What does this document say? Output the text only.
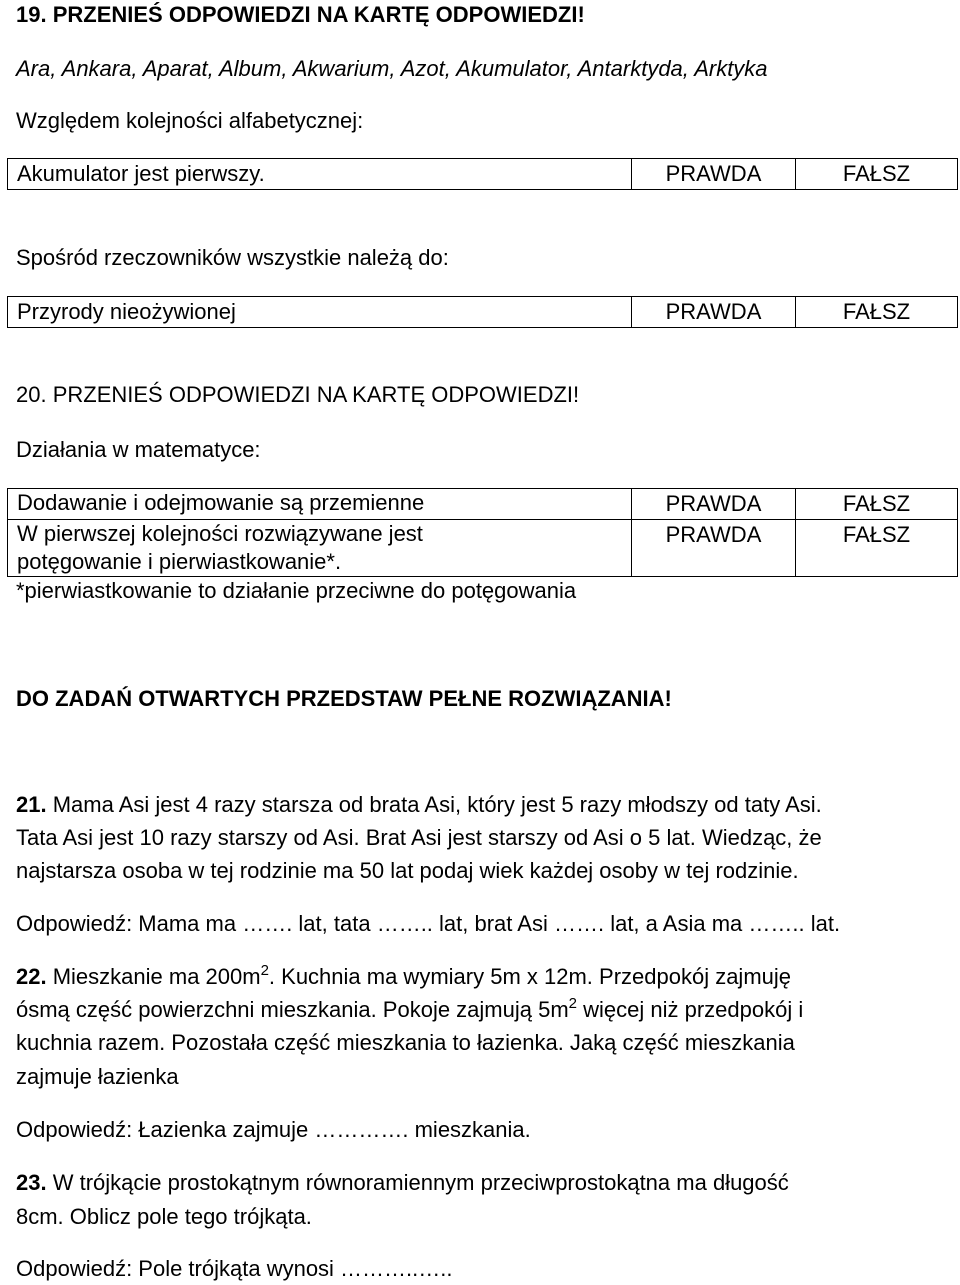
19. PRZENIEŚ ODPOWIEDZI NA KARTĘ ODPOWIEDZI!
Ara, Ankara, Aparat, Album, Akwarium, Azot, Akumulator, Antarktyda, Arktyka
Względem kolejności alfabetycznej:
Akumulator jest pierwszy.	PRAWDA	FAŁSZ
Spośród rzeczowników wszystkie należą do:
Przyrody nieożywionej	PRAWDA	FAŁSZ
20. PRZENIEŚ ODPOWIEDZI NA KARTĘ ODPOWIEDZI!
Działania w matematyce:
Dodawanie i odejmowanie są przemienne	PRAWDA	FAŁSZ

W pierwszej kolejności rozwiązywane jest
potęgowanie i pierwiastkowanie*.	PRAWDA	FAŁSZ
*pierwiastkowanie to działanie przeciwne do potęgowania
DO ZADAŃ OTWARTYCH PRZEDSTAW PEŁNE ROZWIĄZANIA!
21. Mama Asi jest 4 razy starsza od brata Asi, który jest 5 razy młodszy od taty Asi.
Tata Asi jest 10 razy starszy od Asi. Brat Asi jest starszy od Asi o 5 lat. Wiedząc, że
najstarsza osoba w tej rodzinie ma 50 lat podaj wiek każdej osoby w tej rodzinie.
Odpowiedź: Mama ma ……. lat, tata …….. lat, brat Asi ……. lat, a Asia ma …….. lat.
22. Mieszkanie ma $200m^2$. Kuchnia ma wymiary 5m x 12m. Przedpokój zajmuję
ósmą część powierzchni mieszkania. Pokoje zajmują $5m^2$ więcej niż przedpokój i
kuchnia razem. Pozostała część mieszkania to łazienka. Jaką część mieszkania
zajmuje łazienka
Odpowiedź: Łazienka zajmuje …………. mieszkania.
23. W trójkącie prostokątnym równoramiennym przeciwprostokątna ma długość
8cm. Oblicz pole tego trójkąta.
Odpowiedź: Pole trójkąta wynosi ………..…..
